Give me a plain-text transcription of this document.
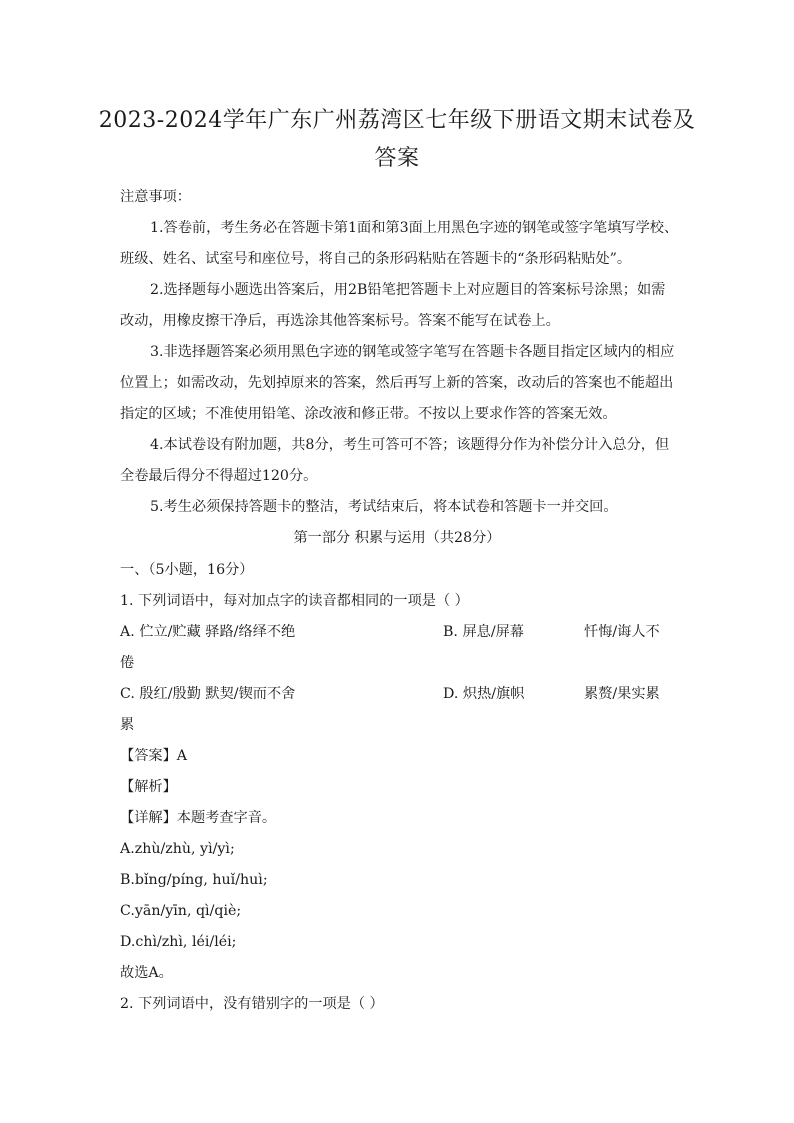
2023-2024学年广东广州荔湾区七年级下册语文期末试卷及
答案
注意事项：
1.答卷前，考生务必在答题卡第1面和第3面上用黑色字迹的钢笔或签字笔填写学校、
班级、姓名、试室号和座位号，将自己的条形码粘贴在答题卡的“条形码粘贴处”。
2.选择题每小题选出答案后，用2B铅笔把答题卡上对应题目的答案标号涂黑；如需
改动，用橡皮擦干净后，再选涂其他答案标号。答案不能写在试卷上。
3.非选择题答案必须用黑色字迹的钢笔或签字笔写在答题卡各题目指定区域内的相应
位置上；如需改动，先划掉原来的答案，然后再写上新的答案，改动后的答案也不能超出
指定的区域；不准使用铅笔、涂改液和修正带。不按以上要求作答的答案无效。
4.本试卷设有附加题，共8分，考生可答可不答；该题得分作为补偿分计入总分，但
全卷最后得分不得超过120分。
5.考生必须保持答题卡的整洁，考试结束后，将本试卷和答题卡一并交回。
第一部分 积累与运用（共28分）
一、（5小题，16分）
1. 下列词语中，每对加点字的读音都相同的一项是（ ）
A. 伫立/贮藏 驿路/络绎不绝	B. 屏息/屏幕	忏悔/诲人不
倦
C. 殷红/殷勤 默契/锲而不舍	D. 炽热/旗帜	累赘/果实累
累
【答案】A
【解析】
【详解】本题考查字音。
A.zhù/zhù, yì/yì;
B.bǐng/píng, huǐ/huì;
C.yān/yīn, qì/qiè;
D.chì/zhì, léi/léi;
故选A。
2. 下列词语中，没有错别字的一项是（ ）
